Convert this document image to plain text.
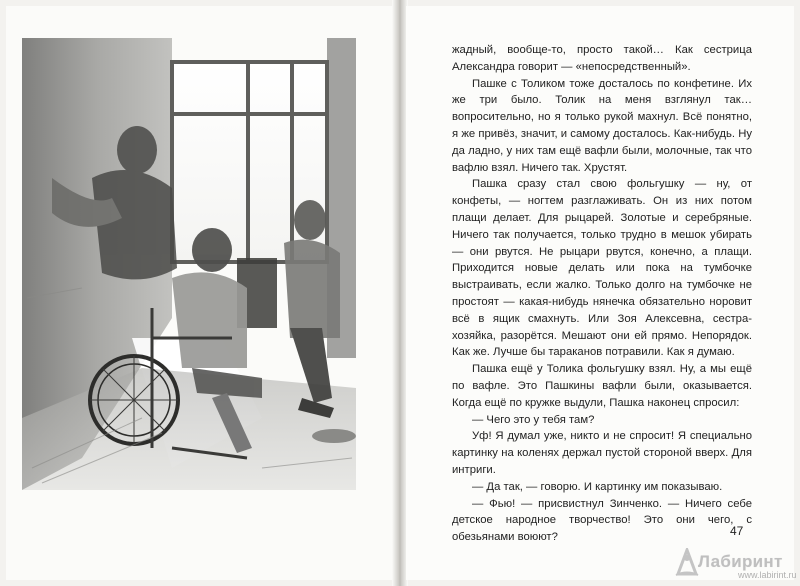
жадный, вообще-то, просто такой… Как сестрица Александра говорит — «непосредственный».

Пашке с Толиком тоже досталось по конфетине. Их же три было. Толик на меня взглянул так… вопросительно, но я только рукой махнул. Всё понятно, я же привёз, значит, и самому досталось. Как-нибудь. Ну да ладно, у них там ещё вафли были, молочные, так что вафлю взял. Ничего так. Хрустят.

Пашка сразу стал свою фольгушку — ну, от конфеты, — ногтем разглаживать. Он из них потом плащи делает. Для рыцарей. Золотые и серебряные. Ничего так получается, только трудно в мешок убирать — они рвутся. Не рыцари рвутся, конечно, а плащи. Приходится новые делать или пока на тумбочке выстраивать, если жалко. Только долго на тумбочке не простоят — какая-нибудь нянечка обязательно норовит всё в ящик смахнуть. Или Зоя Алексевна, сестра-хозяйка, разорётся. Мешают они ей прямо. Непорядок. Как же. Лучше бы тараканов потравили. Как я думаю.

Пашка ещё у Толика фольгушку взял. Ну, а мы ещё по вафле. Это Пашкины вафли были, оказывается. Когда ещё по кружке выдули, Пашка наконец спросил:

— Чего это у тебя там?

Уф! Я думал уже, никто и не спросит! Я специально картинку на коленях держал пустой стороной вверх. Для интриги.

— Да так, — говорю. И картинку им показываю.

— Фью! — присвистнул Зинченко. — Ничего себе детское народное творчество! Это они чего, с обезьянами воюют?	47
Лабиринт
www.labirint.ru
